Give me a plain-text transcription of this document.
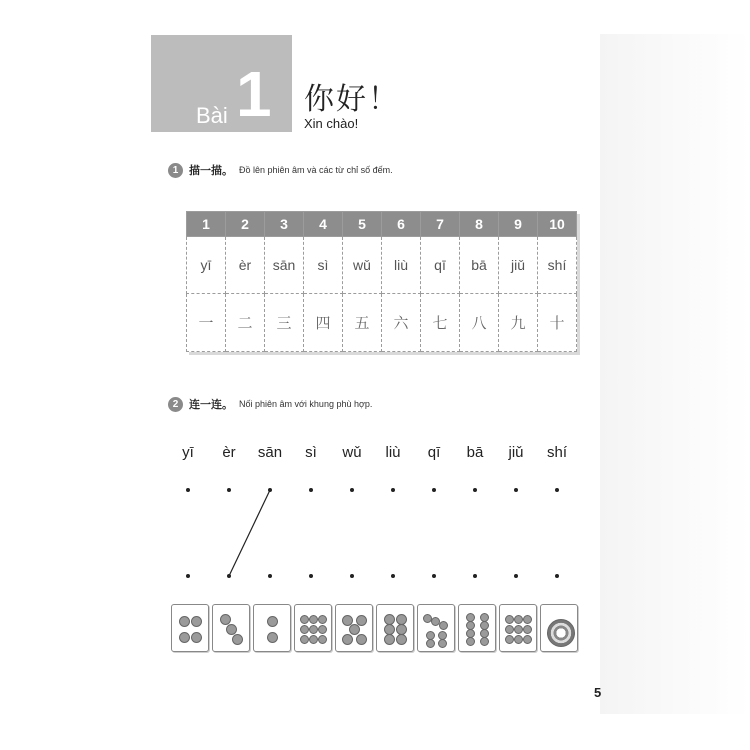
Bài 1 你好！
Xin chào!
1 描一描。 Đồ lên phiên âm và các từ chỉ số đếm.
1	2	3	4	5	6	7	8	9	10
yī	èr	sān	sì	wǔ	liù	qī	bā	jiǔ	shí
一	二	三	四	五	六	七	八	九	十
2 连一连。 Nối phiên âm với khung phù hợp.
yī èr sān sì wǔ liù qī bā jiǔ shí
5
